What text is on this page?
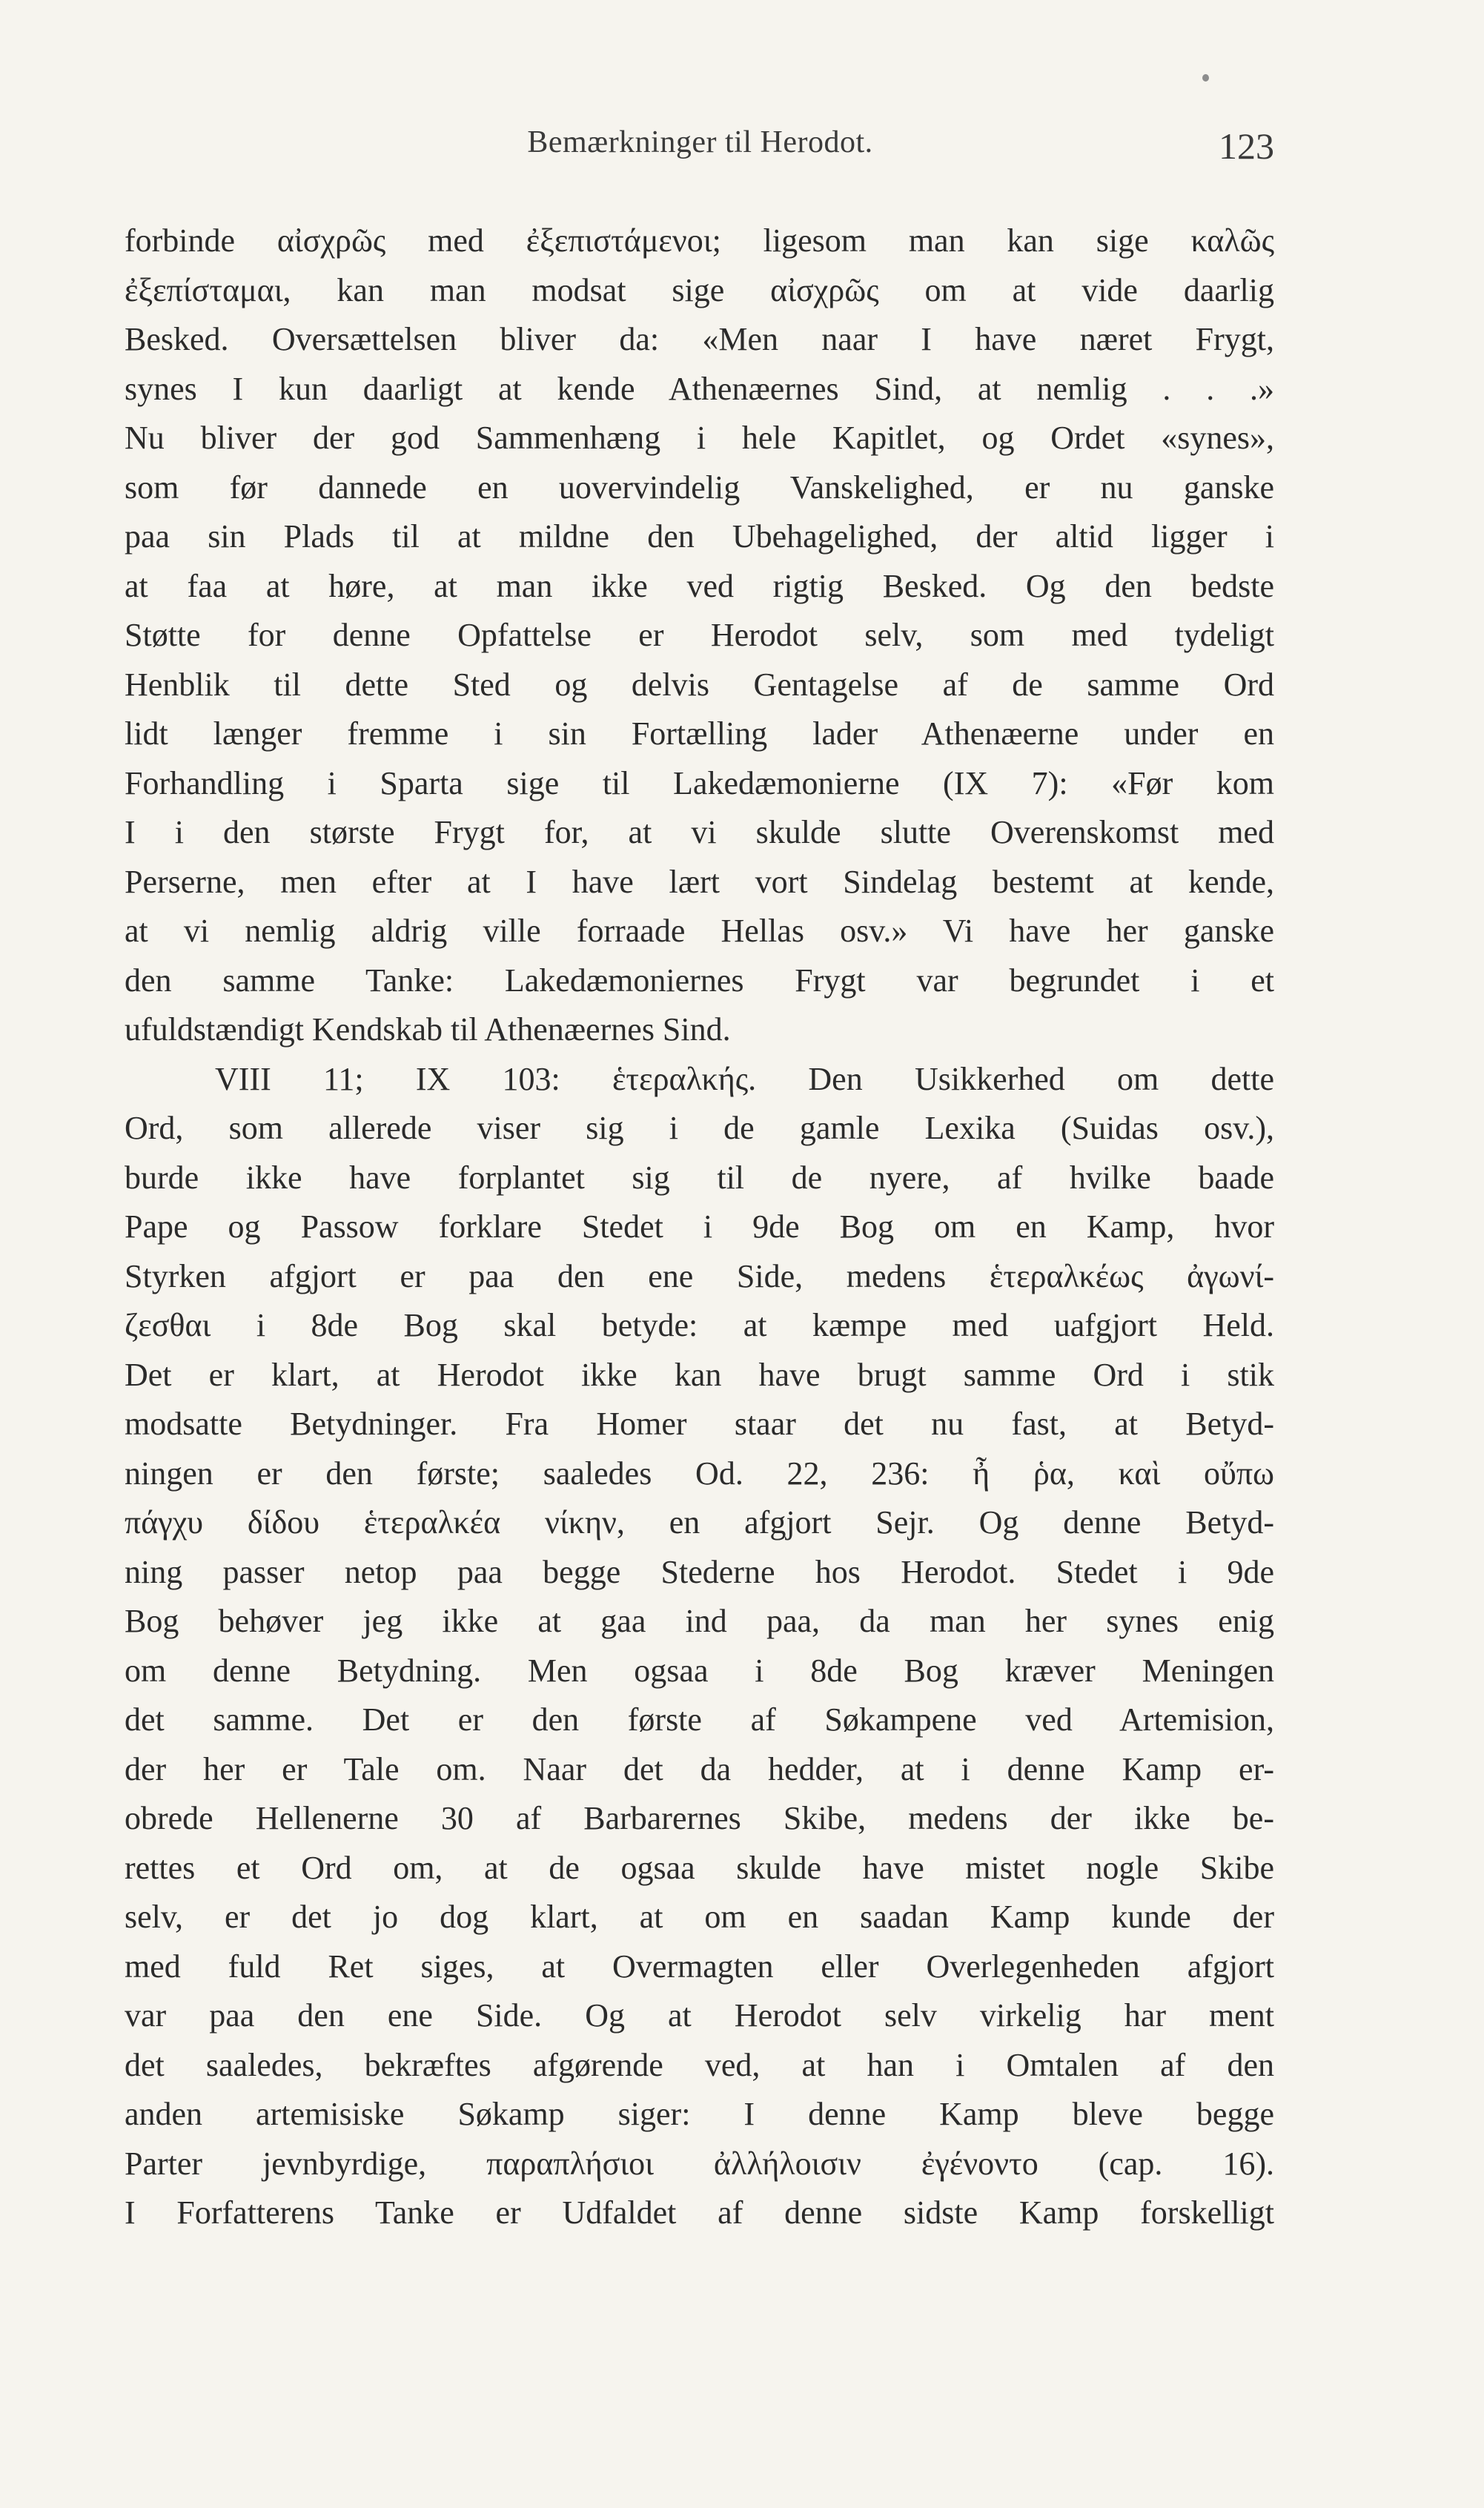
Bemærkninger til Herodot.	123
forbinde αἰσχρῶς med ἐξεπιστάμενοι; ligesom man kan sige καλῶς
ἐξεπίσταμαι, kan man modsat sige αἰσχρῶς om at vide daarlig
Besked. Oversættelsen bliver da: «Men naar I have næret Frygt,
synes I kun daarligt at kende Athenæernes Sind, at nemlig . . .»
Nu bliver der god Sammenhæng i hele Kapitlet, og Ordet «synes»,
som før dannede en uovervindelig Vanskelighed, er nu ganske
paa sin Plads til at mildne den Ubehagelighed, der altid ligger i
at faa at høre, at man ikke ved rigtig Besked. Og den bedste
Støtte for denne Opfattelse er Herodot selv, som med tydeligt
Henblik til dette Sted og delvis Gentagelse af de samme Ord
lidt længer fremme i sin Fortælling lader Athenæerne under en
Forhandling i Sparta sige til Lakedæmonierne (IX 7): «Før kom
I i den største Frygt for, at vi skulde slutte Overenskomst med
Perserne, men efter at I have lært vort Sindelag bestemt at kende,
at vi nemlig aldrig ville forraade Hellas osv.» Vi have her ganske
den samme Tanke: Lakedæmoniernes Frygt var begrundet i et
ufuldstændigt Kendskab til Athenæernes Sind.
VIII 11; IX 103: ἑτεραλκής. Den Usikkerhed om dette
Ord, som allerede viser sig i de gamle Lexika (Suidas osv.),
burde ikke have forplantet sig til de nyere, af hvilke baade
Pape og Passow forklare Stedet i 9de Bog om en Kamp, hvor
Styrken afgjort er paa den ene Side, medens ἑτεραλκέως ἀγωνί-
ζεσθαι i 8de Bog skal betyde: at kæmpe med uafgjort Held.
Det er klart, at Herodot ikke kan have brugt samme Ord i stik
modsatte Betydninger. Fra Homer staar det nu fast, at Betyd-
ningen er den første; saaledes Od. 22, 236: ἦ ῥα, καὶ οὔπω
πάγχυ δίδου ἑτεραλκέα νίκην, en afgjort Sejr. Og denne Betyd-
ning passer netop paa begge Stederne hos Herodot. Stedet i 9de
Bog behøver jeg ikke at gaa ind paa, da man her synes enig
om denne Betydning. Men ogsaa i 8de Bog kræver Meningen
det samme. Det er den første af Søkampene ved Artemision,
der her er Tale om. Naar det da hedder, at i denne Kamp er-
obrede Hellenerne 30 af Barbarernes Skibe, medens der ikke be-
rettes et Ord om, at de ogsaa skulde have mistet nogle Skibe
selv, er det jo dog klart, at om en saadan Kamp kunde der
med fuld Ret siges, at Overmagten eller Overlegenheden afgjort
var paa den ene Side. Og at Herodot selv virkelig har ment
det saaledes, bekræftes afgørende ved, at han i Omtalen af den
anden artemisiske Søkamp siger: I denne Kamp bleve begge
Parter jevnbyrdige, παραπλήσιοι ἀλλήλοισιν ἐγένοντο (cap. 16).
I Forfatterens Tanke er Udfaldet af denne sidste Kamp forskelligt
